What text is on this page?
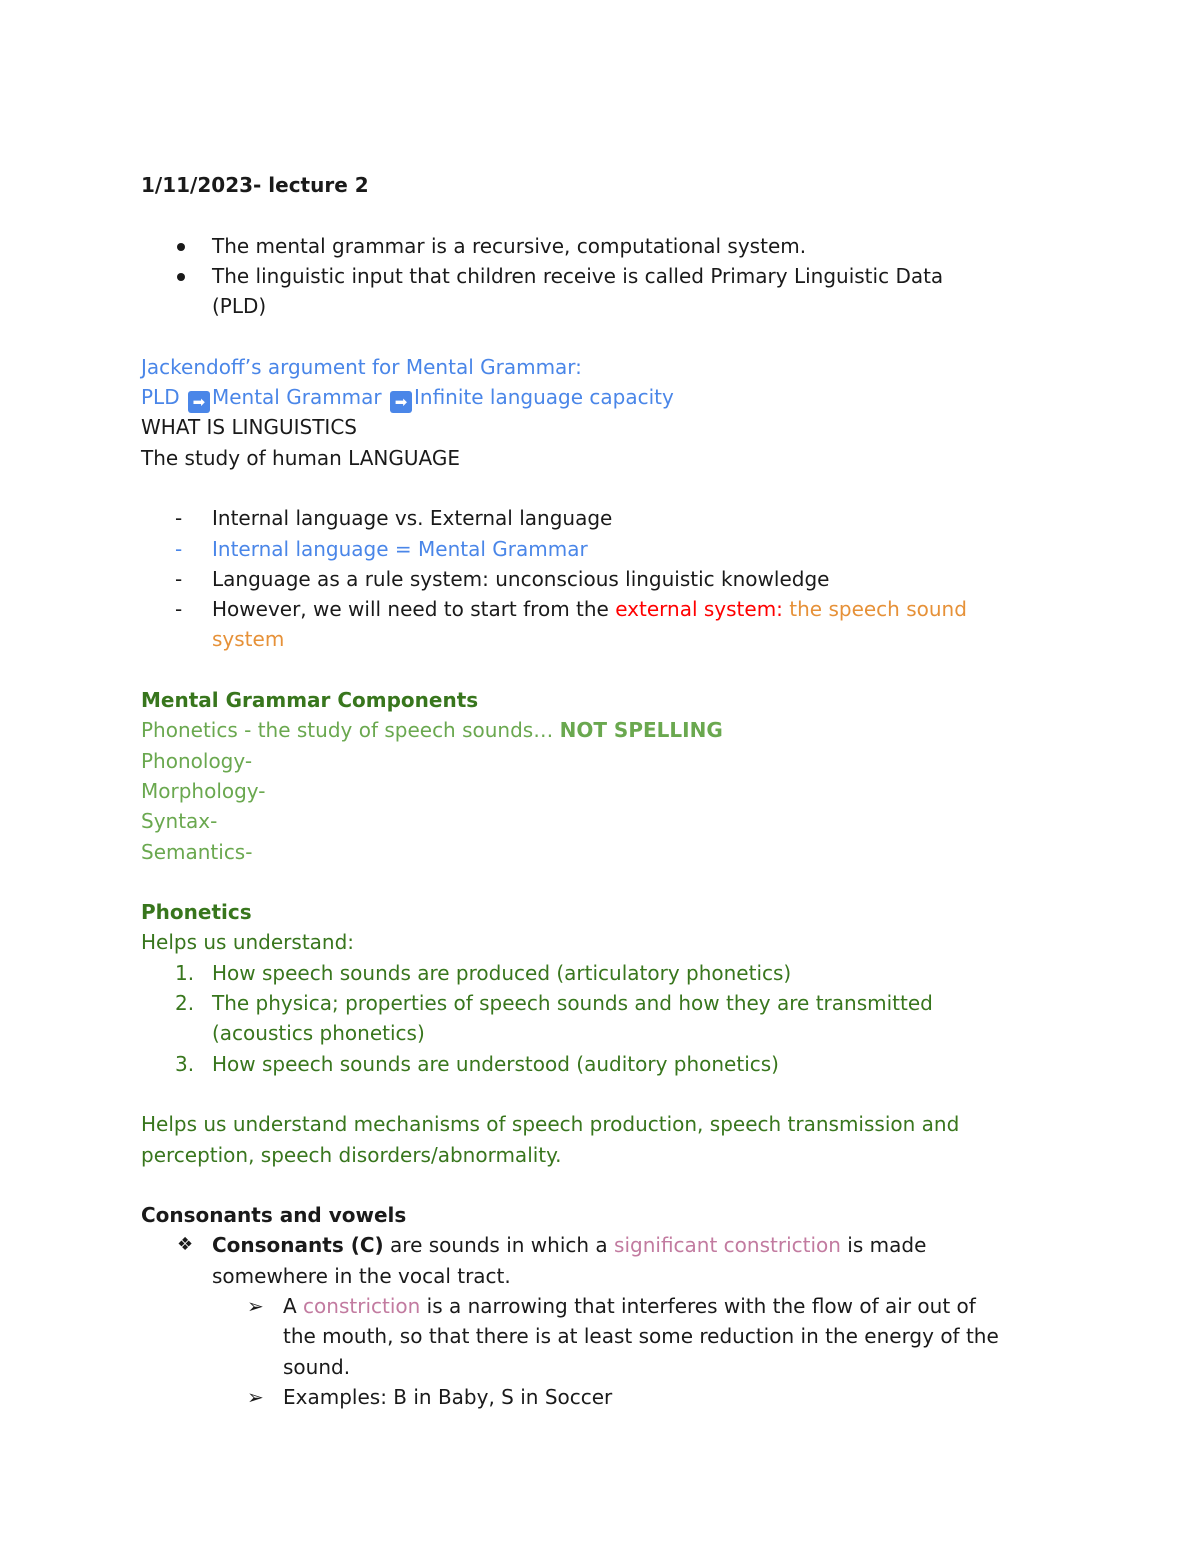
1/11/2023- lecture 2
The mental grammar is a recursive, computational system.
The linguistic input that children receive is called Primary Linguistic Data
(PLD)
Jackendoff’s argument for Mental Grammar:
PLD ➡ Mental Grammar ➡ Infinite language capacity
WHAT IS LINGUISTICS
The study of human LANGUAGE
- Internal language vs. External language
- Internal language = Mental Grammar
- Language as a rule system: unconscious linguistic knowledge
- However, we will need to start from the external system: the speech sound
system
Mental Grammar Components
Phonetics - the study of speech sounds… NOT SPELLING
Phonology-
Morphology-
Syntax-
Semantics-
Phonetics
Helps us understand:
1. How speech sounds are produced (articulatory phonetics)
2. The physica; properties of speech sounds and how they are transmitted
(acoustics phonetics)
3. How speech sounds are understood (auditory phonetics)
Helps us understand mechanisms of speech production, speech transmission and
perception, speech disorders/abnormality.
Consonants and vowels
❖ Consonants (C) are sounds in which a significant constriction is made
somewhere in the vocal tract.
➢ A constriction is a narrowing that interferes with the flow of air out of
the mouth, so that there is at least some reduction in the energy of the
sound.
➢ Examples: B in Baby, S in Soccer
